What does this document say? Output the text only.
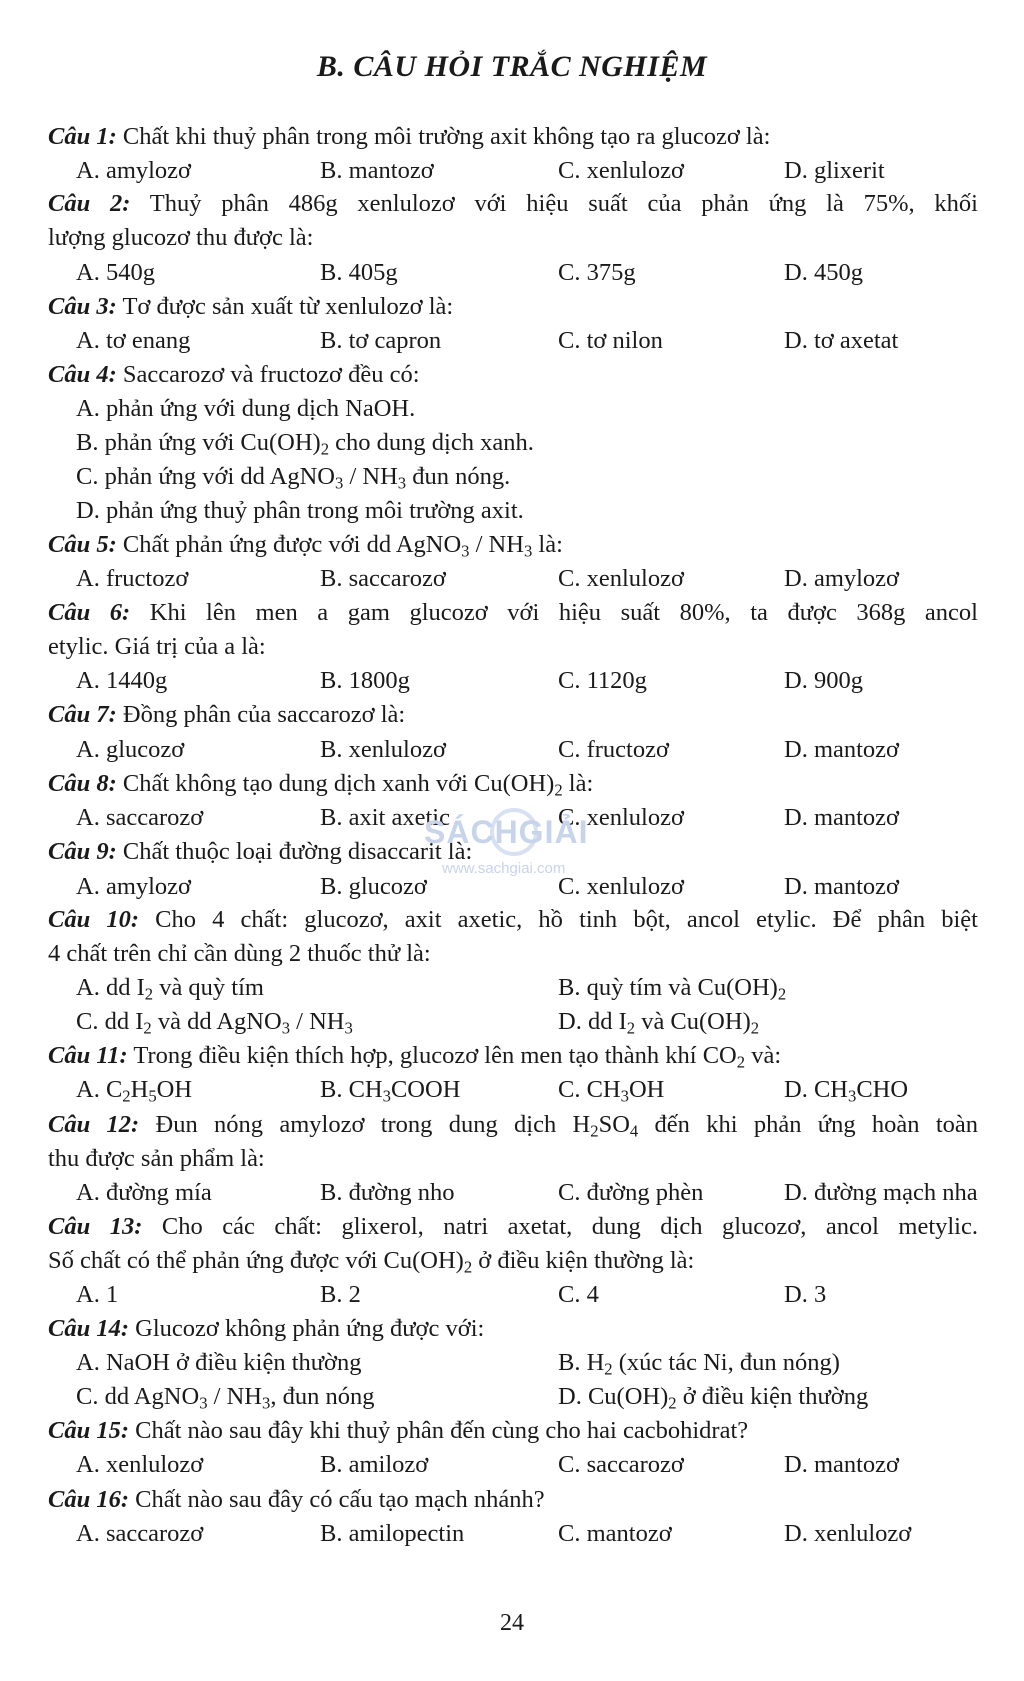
B. CÂU HỎI TRẮC NGHIỆM
Câu 1: Chất khi thuỷ phân trong môi trường axit không tạo ra glucozơ là:
A. amylozơ	B. mantozơ	C. xenlulozơ	D. glixerit
Câu 2: Thuỷ phân 486g xenlulozơ với hiệu suất của phản ứng là 75%, khối
lượng glucozơ thu được là:
A. 540g	B. 405g	C. 375g	D. 450g
Câu 3: Tơ được sản xuất từ xenlulozơ là:
A. tơ enang	B. tơ capron	C. tơ nilon	D. tơ axetat
Câu 4: Saccarozơ và fructozơ đều có:
A. phản ứng với dung dịch NaOH.
B. phản ứng với $Cu(OH)_2$ cho dung dịch xanh.
C. phản ứng với dd AgNO$_3$ / $NH_3$ đun nóng.
D. phản ứng thuỷ phân trong môi trường axit.
Câu 5: Chất phản ứng được với dd AgNO$_3$ / $NH_3$ là:
A. fructozơ	B. saccarozơ	C. xenlulozơ	D. amylozơ
Câu 6: Khi lên men a gam glucozơ với hiệu suất 80%, ta được 368g ancol
etylic. Giá trị của a là:
A. 1440g	B. 1800g	C. 1120g	D. 900g
Câu 7: Đồng phân của saccarozơ là:
A. glucozơ	B. xenlulozơ	C. fructozơ	D. mantozơ
Câu 8: Chất không tạo dung dịch xanh với $Cu(OH)_2$ là:
A. saccarozơ	B. axit axetic	C. xenlulozơ	D. mantozơ
Câu 9: Chất thuộc loại đường disaccarit là:
A. amylozơ	B. glucozơ	C. xenlulozơ	D. mantozơ
Câu 10: Cho 4 chất: glucozơ, axit axetic, hồ tinh bột, ancol etylic. Để phân biệt
4 chất trên chỉ cần dùng 2 thuốc thử là:
A. dd $I_2$ và quỳ tím	B. quỳ tím và $Cu(OH)_2$
C. dd $I_2$ và dd AgNO$_3$ / $NH_3$	D. dd $I_2$ và $Cu(OH)_2$
Câu 11: Trong điều kiện thích hợp, glucozơ lên men tạo thành khí $CO_2$ và:
A. $C_2H_5OH$	B. $CH_3COOH$	C. $CH_3OH$	D. $CH_3CHO$
Câu 12: Đun nóng amylozơ trong dung dịch $H_2SO_4$ đến khi phản ứng hoàn toàn
thu được sản phẩm là:
A. đường mía	B. đường nho	C. đường phèn	D. đường mạch nha
Câu 13: Cho các chất: glixerol, natri axetat, dung dịch glucozơ, ancol metylic.
Số chất có thể phản ứng được với $Cu(OH)_2$ ở điều kiện thường là:
A. 1	B. 2	C. 4	D. 3
Câu 14: Glucozơ không phản ứng được với:
A. NaOH ở điều kiện thường	B. $H_2$ (xúc tác Ni, đun nóng)
C. dd AgNO$_3$ / $NH_3$, đun nóng	D. $Cu(OH)_2$ ở điều kiện thường
Câu 15: Chất nào sau đây khi thuỷ phân đến cùng cho hai cacbohidrat?
A. xenlulozơ	B. amilozơ	C. saccarozơ	D. mantozơ
Câu 16: Chất nào sau đây có cấu tạo mạch nhánh?
A. saccarozơ	B. amilopectin	C. mantozơ	D. xenlulozơ
SÁCHGIẢI
www.sachgiai.com
24
